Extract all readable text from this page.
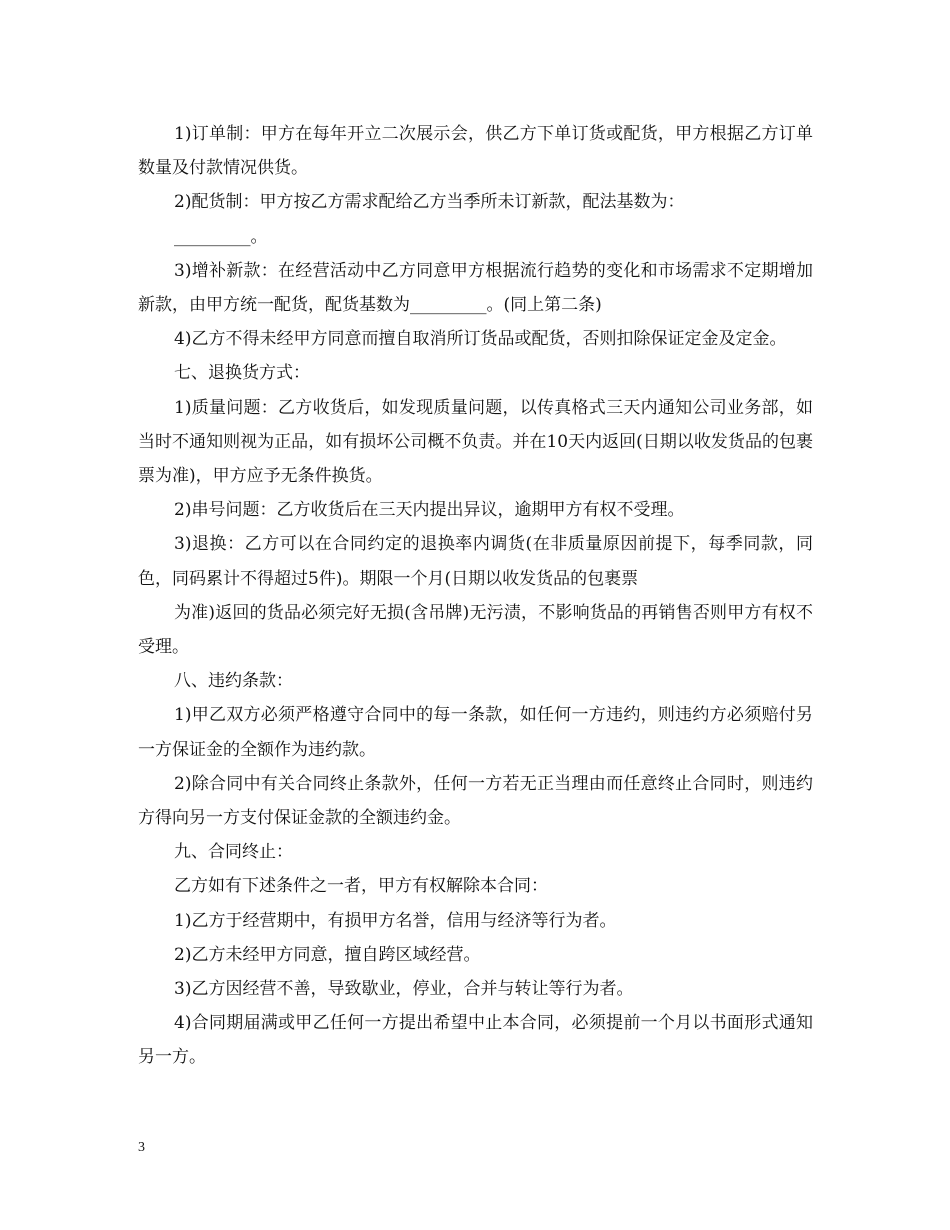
1)订单制：甲方在每年开立二次展示会，供乙方下单订货或配货，甲方根据乙方订单数量及付款情况供货。

2)配货制：甲方按乙方需求配给乙方当季所未订新款，配法基数为：

_________。

3)增补新款：在经营活动中乙方同意甲方根据流行趋势的变化和市场需求不定期增加新款，由甲方统一配货，配货基数为_________。(同上第二条)

4)乙方不得未经甲方同意而擅自取消所订货品或配货，否则扣除保证定金及定金。

七、退换货方式：

1)质量问题：乙方收货后，如发现质量问题，以传真格式三天内通知公司业务部，如当时不通知则视为正品，如有损坏公司概不负责。并在10天内返回(日期以收发货品的包裹票为准)，甲方应予无条件换货。

2)串号问题：乙方收货后在三天内提出异议，逾期甲方有权不受理。

3)退换：乙方可以在合同约定的退换率内调货(在非质量原因前提下，每季同款，同色，同码累计不得超过5件)。期限一个月(日期以收发货品的包裹票

为准)返回的货品必须完好无损(含吊牌)无污渍，不影响货品的再销售否则甲方有权不受理。

八、违约条款：

1)甲乙双方必须严格遵守合同中的每一条款，如任何一方违约，则违约方必须赔付另一方保证金的全额作为违约款。

2)除合同中有关合同终止条款外，任何一方若无正当理由而任意终止合同时，则违约方得向另一方支付保证金款的全额违约金。

九、合同终止：

乙方如有下述条件之一者，甲方有权解除本合同：

1)乙方于经营期中，有损甲方名誉，信用与经济等行为者。

2)乙方未经甲方同意，擅自跨区域经营。

3)乙方因经营不善，导致歇业，停业，合并与转让等行为者。

4)合同期届满或甲乙任何一方提出希望中止本合同，必须提前一个月以书面形式通知另一方。

3
